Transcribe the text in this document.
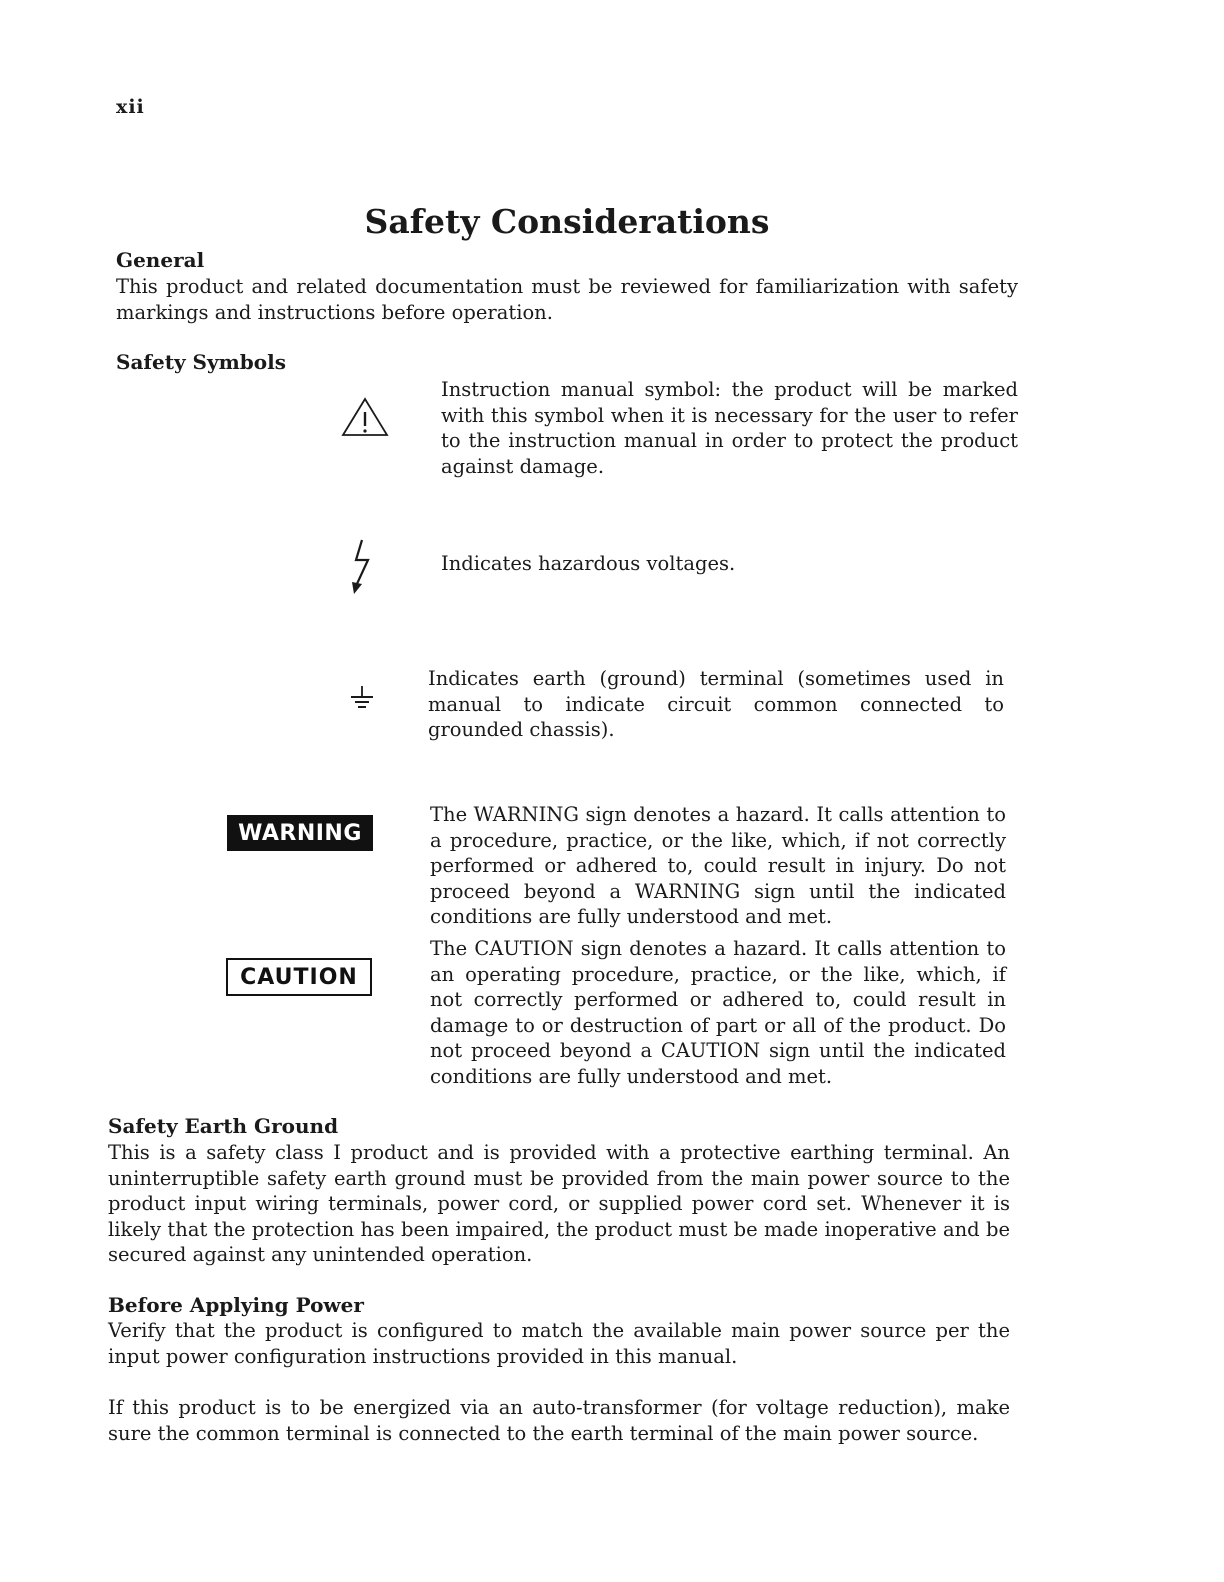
xii
Safety Considerations
General
This product and related documentation must be reviewed for familiarization with safety markings and instructions before operation.
Safety Symbols
Instruction manual symbol: the product will be marked with this symbol when it is necessary for the user to refer to the instruction manual in order to protect the product against damage.
Indicates hazardous voltages.
Indicates earth (ground) terminal (sometimes used in manual to indicate circuit common connected to grounded chassis).
WARNING
The WARNING sign denotes a hazard. It calls attention to a procedure, practice, or the like, which, if not correctly performed or adhered to, could result in injury. Do not proceed beyond a WARNING sign until the indicated conditions are fully understood and met.
CAUTION
The CAUTION sign denotes a hazard. It calls attention to an operating procedure, practice, or the like, which, if not correctly performed or adhered to, could result in damage to or destruction of part or all of the product. Do not proceed beyond a CAUTION sign until the indicated conditions are fully understood and met.
Safety Earth Ground
This is a safety class I product and is provided with a protective earthing terminal. An uninterruptible safety earth ground must be provided from the main power source to the product input wiring terminals, power cord, or supplied power cord set. Whenever it is likely that the protection has been impaired, the product must be made inoperative and be secured against any unintended operation.
Before Applying Power
Verify that the product is configured to match the available main power source per the input power configuration instructions provided in this manual.
If this product is to be energized via an auto-transformer (for voltage reduction), make sure the common terminal is connected to the earth terminal of the main power source.
